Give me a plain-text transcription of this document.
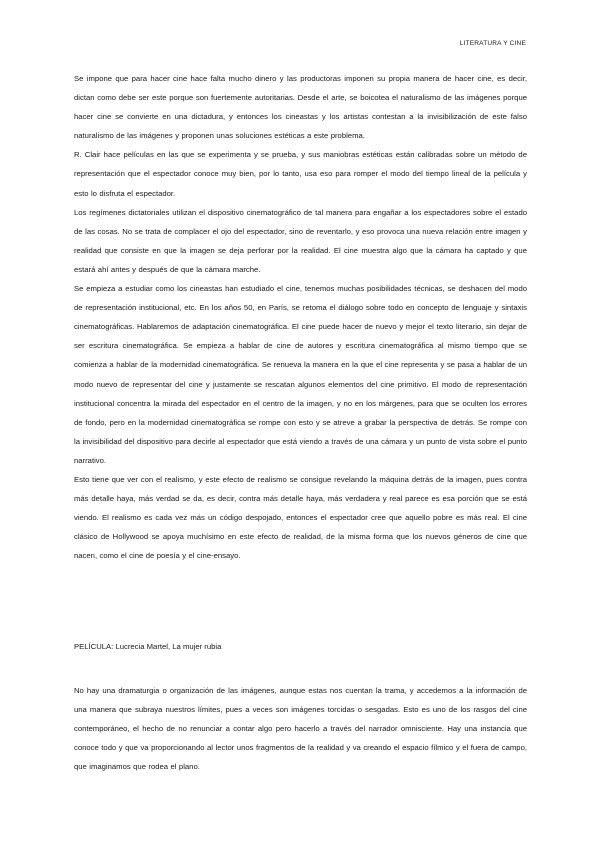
LITERATURA Y CINE

Se impone que para hacer cine hace falta mucho dinero y las productoras imponen su propia manera de hacer cine, es decir, dictan como debe ser este porque son fuertemente autoritarias. Desde el arte, se boicotea el naturalismo de las imágenes porque hacer cine se convierte en una dictadura, y entonces los cineastas y los artistas contestan a la invisibilización de este falso naturalismo de las imágenes y proponen unas soluciones estéticas a este problema.

R. Clair hace películas en las que se experimenta y se prueba, y sus maniobras estéticas están calibradas sobre un método de representación que el espectador conoce muy bien, por lo tanto, usa eso para romper el modo del tiempo lineal de la película y esto lo disfruta el espectador.

Los regímenes dictatoriales utilizan el dispositivo cinematográfico de tal manera para engañar a los espectadores sobre el estado de las cosas. No se trata de complacer el ojo del espectador, sino de reventarlo, y eso provoca una nueva relación entre imagen y realidad que consiste en que la imagen se deja perforar por la realidad. El cine muestra algo que la cámara ha captado y que estará ahí antes y después de que la cámara marche.

Se empieza a estudiar como los cineastas han estudiado el cine, tenemos muchas posibilidades técnicas, se deshacen del modo de representación institucional, etc. En los años 50, en París, se retoma el diálogo sobre todo en concepto de lenguaje y sintaxis cinematográficas. Hablaremos de adaptación cinematográfica. El cine puede hacer de nuevo y mejor el texto literario, sin dejar de ser escritura cinematográfica. Se empieza a hablar de cine de autores y escritura cinematográfica al mismo tiempo que se comienza a hablar de la modernidad cinematográfica. Se renueva la manera en la que el cine representa y se pasa a hablar de un modo nuevo de representar del cine y justamente se rescatan algunos elementos del cine primitivo. El modo de representación institucional concentra la mirada del espectador en el centro de la imagen, y no en los márgenes, para que se oculten los errores de fondo, pero en la modernidad cinematográfica se rompe con esto y se atreve a grabar la perspectiva de detrás. Se rompe con la invisibilidad del dispositivo para decirle al espectador que está viendo a través de una cámara y un punto de vista sobre el punto narrativo.

Esto tiene que ver con el realismo, y este efecto de realismo se consigue revelando la máquina detrás de la imagen, pues contra más detalle haya, más verdad se da, es decir, contra más detalle haya, más verdadera y real parece es esa porción que se está viendo. El realismo es cada vez más un código despojado, entonces el espectador cree que aquello pobre es más real. El cine clásico de Hollywood se apoya muchísimo en este efecto de realidad, de la misma forma que los nuevos géneros de cine que nacen, como el cine de poesía y el cine-ensayo.

PELÍCULA: Lucrecia Martel, La mujer rubia

No hay una dramaturgia o organización de las imágenes, aunque estas nos cuentan la trama, y accedemos a la información de una manera que subraya nuestros límites, pues a veces son imágenes torcidas o sesgadas. Esto es uno de los rasgos del cine contemporáneo, el hecho de no renunciar a contar algo pero hacerlo a través del narrador omnisciente. Hay una instancia que conoce todo y que va proporcionando al lector unos fragmentos de la realidad y va creando el espacio fílmico y el fuera de campo, que imaginamos que rodea el plano.
